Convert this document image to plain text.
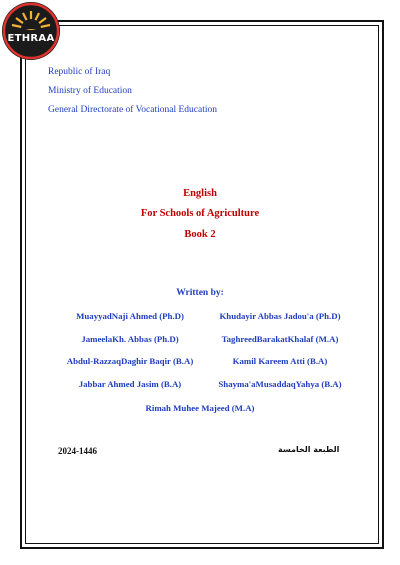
ETHRAA
Republic of Iraq
Ministry of Education
General Directorate of Vocational Education
English
For Schools of Agriculture
Book 2
Written by:
MuayyadNaji Ahmed (Ph.D)	Khudayir Abbas Jadou'a (Ph.D)
JameelaKh. Abbas (Ph.D)	TaghreedBarakatKhalaf (M.A)
Abdul-RazzaqDaghir Baqir (B.A)	Kamil Kareem Atti (B.A)
Jabbar Ahmed Jasim (B.A)	Shayma'aMusaddaqYahya (B.A)
Rimah Muhee Majeed (M.A)
2024-1446	الطبعة الخامسة
